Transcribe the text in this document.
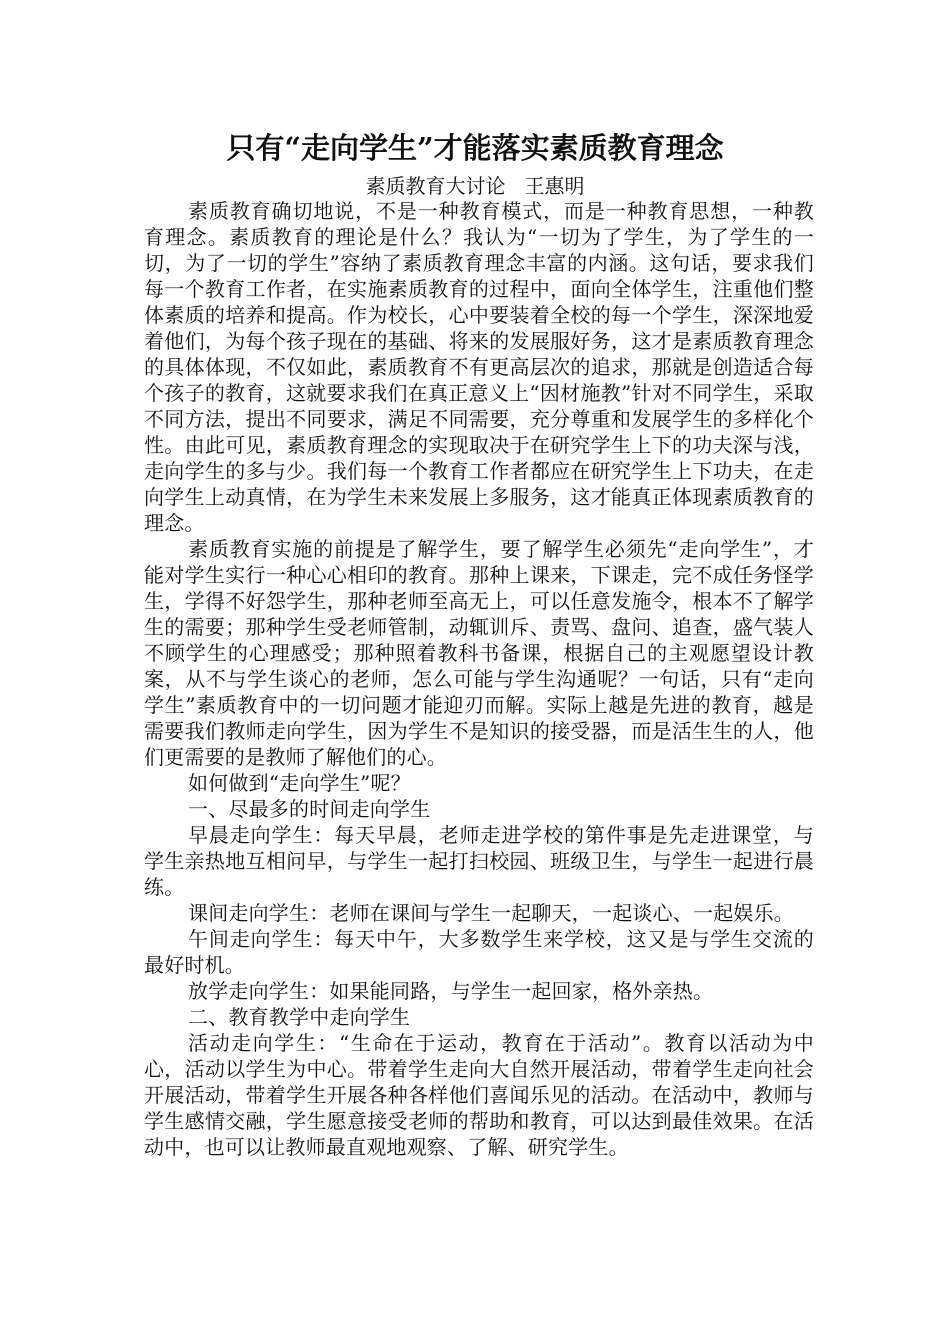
只有“走向学生”才能落实素质教育理念
素质教育大讨论   王惠明

素质教育确切地说，不是一种教育模式，而是一种教育思想，一种教育理念。素质教育的理论是什么？我认为“一切为了学生，为了学生的一切，为了一切的学生”容纳了素质教育理念丰富的内涵。这句话，要求我们每一个教育工作者，在实施素质教育的过程中，面向全体学生，注重他们整体素质的培养和提高。作为校长，心中要装着全校的每一个学生，深深地爱着他们，为每个孩子现在的基础、将来的发展服好务，这才是素质教育理念的具体体现，不仅如此，素质教育不有更高层次的追求，那就是创造适合每个孩子的教育，这就要求我们在真正意义上“因材施教”针对不同学生，采取不同方法，提出不同要求，满足不同需要，充分尊重和发展学生的多样化个性。由此可见，素质教育理念的实现取决于在研究学生上下的功夫深与浅，走向学生的多与少。我们每一个教育工作者都应在研究学生上下功夫，在走向学生上动真情，在为学生未来发展上多服务，这才能真正体现素质教育的理念。

素质教育实施的前提是了解学生，要了解学生必须先“走向学生”，才能对学生实行一种心心相印的教育。那种上课来，下课走，完不成任务怪学生，学得不好怨学生，那种老师至高无上，可以任意发施令，根本不了解学生的需要；那种学生受老师管制，动辄训斥、责骂、盘问、追查，盛气装人不顾学生的心理感受；那种照着教科书备课，根据自己的主观愿望设计教案，从不与学生谈心的老师，怎么可能与学生沟通呢？一句话，只有“走向学生”素质教育中的一切问题才能迎刃而解。实际上越是先进的教育，越是需要我们教师走向学生，因为学生不是知识的接受器，而是活生生的人，他们更需要的是教师了解他们的心。

如何做到“走向学生”呢？

一、尽最多的时间走向学生

早晨走向学生：每天早晨，老师走进学校的第件事是先走进课堂，与学生亲热地互相问早，与学生一起打扫校园、班级卫生，与学生一起进行晨练。

课间走向学生：老师在课间与学生一起聊天，一起谈心、一起娱乐。

午间走向学生：每天中午，大多数学生来学校，这又是与学生交流的最好时机。

放学走向学生：如果能同路，与学生一起回家，格外亲热。

二、教育教学中走向学生

活动走向学生：“生命在于运动，教育在于活动”。教育以活动为中心，活动以学生为中心。带着学生走向大自然开展活动，带着学生走向社会开展活动，带着学生开展各种各样他们喜闻乐见的活动。在活动中，教师与学生感情交融，学生愿意接受老师的帮助和教育，可以达到最佳效果。在活动中，也可以让教师最直观地观察、了解、研究学生。
